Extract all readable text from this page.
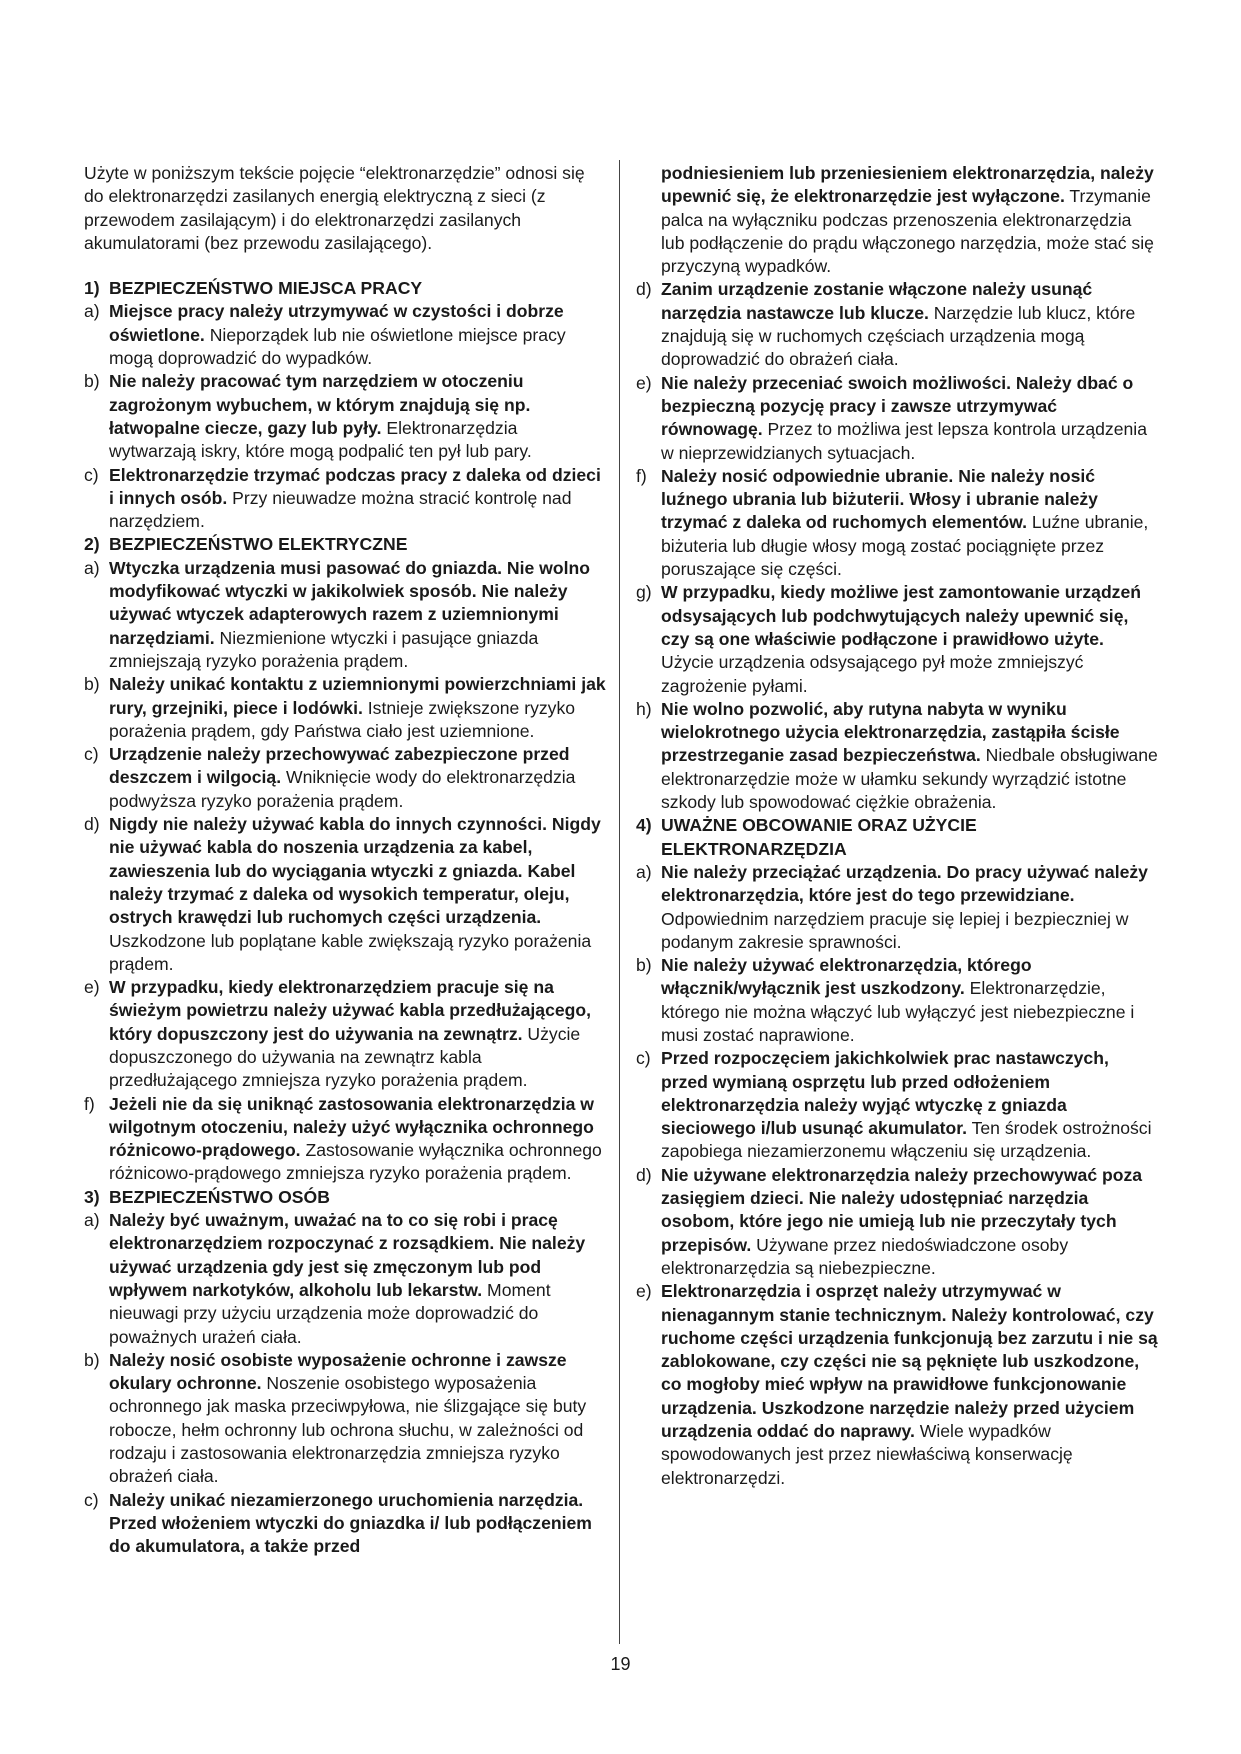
Użyte w poniższym tekście pojęcie “elektronarzędzie” odnosi się do elektronarzędzi zasilanych energią elektryczną z sieci (z przewodem zasilającym) i do elektronarzędzi zasilanych akumulatorami (bez przewodu zasilającego).

1) BEZPIECZEŃSTWO MIEJSCA PRACY
a) Miejsce pracy należy utrzymywać w czystości i dobrze oświetlone. Nieporządek lub nie oświetlone miejsce pracy mogą doprowadzić do wypadków.
b) Nie należy pracować tym narzędziem w otoczeniu zagrożonym wybuchem, w którym znajdują się np. łatwopalne ciecze, gazy lub pyły. Elektronarzędzia wytwarzają iskry, które mogą podpalić ten pył lub pary.
c) Elektronarzędzie trzymać podczas pracy z daleka od dzieci i innych osób. Przy nieuwadze można stracić kontrolę nad narzędziem.
2) BEZPIECZEŃSTWO ELEKTRYCZNE
a) Wtyczka urządzenia musi pasować do gniazda. Nie wolno modyfikować wtyczki w jakikolwiek sposób. Nie należy używać wtyczek adapterowych razem z uziemnionymi narzędziami. Niezmienione wtyczki i pasujące gniazda zmniejszają ryzyko porażenia prądem.
b) Należy unikać kontaktu z uziemnionymi powierzchniami jak rury, grzejniki, piece i lodówki. Istnieje zwiększone ryzyko porażenia prądem, gdy Państwa ciało jest uziemnione.
c) Urządzenie należy przechowywać zabezpieczone przed deszczem i wilgocią. Wniknięcie wody do elektronarzędzia podwyższa ryzyko porażenia prądem.
d) Nigdy nie należy używać kabla do innych czynności. Nigdy nie używać kabla do noszenia urządzenia za kabel, zawieszenia lub do wyciągania wtyczki z gniazda. Kabel należy trzymać z daleka od wysokich temperatur, oleju, ostrych krawędzi lub ruchomych części urządzenia. Uszkodzone lub poplątane kable zwiększają ryzyko porażenia prądem.
e) W przypadku, kiedy elektronarzędziem pracuje się na świeżym powietrzu należy używać kabla przedłużającego, który dopuszczony jest do używania na zewnątrz. Użycie dopuszczonego do używania na zewnątrz kabla przedłużającego zmniejsza ryzyko porażenia prądem.
f) Jeżeli nie da się uniknąć zastosowania elektronarzędzia w wilgotnym otoczeniu, należy użyć wyłącznika ochronnego różnicowo-prądowego. Zastosowanie wyłącznika ochronnego różnicowo-prądowego zmniejsza ryzyko porażenia prądem.
3) BEZPIECZEŃSTWO OSÓB
a) Należy być uważnym, uważać na to co się robi i pracę elektronarzędziem rozpoczynać z rozsądkiem. Nie należy używać urządzenia gdy jest się zmęczonym lub pod wpływem narkotyków, alkoholu lub lekarstw. Moment nieuwagi przy użyciu urządzenia może doprowadzić do poważnych urażeń ciała.
b) Należy nosić osobiste wyposażenie ochronne i zawsze okulary ochronne. Noszenie osobistego wyposażenia ochronnego jak maska przeciwpyłowa, nie ślizgające się buty robocze, hełm ochronny lub ochrona słuchu, w zależności od rodzaju i zastosowania elektronarzędzia zmniejsza ryzyko obrażeń ciała.
c) Należy unikać niezamierzonego uruchomienia narzędzia. Przed włożeniem wtyczki do gniazdka i/ lub podłączeniem do akumulatora, a także przed
podniesieniem lub przeniesieniem elektronarzędzia, należy upewnić się, że elektronarzędzie jest wyłączone. Trzymanie palca na wyłączniku podczas przenoszenia elektronarzędzia lub podłączenie do prądu włączonego narzędzia, może stać się przyczyną wypadków.
d) Zanim urządzenie zostanie włączone należy usunąć narzędzia nastawcze lub klucze. Narzędzie lub klucz, które znajdują się w ruchomych częściach urządzenia mogą doprowadzić do obrażeń ciała.
e) Nie należy przeceniać swoich możliwości. Należy dbać o bezpieczną pozycję pracy i zawsze utrzymywać równowagę. Przez to możliwa jest lepsza kontrola urządzenia w nieprzewidzianych sytuacjach.
f) Należy nosić odpowiednie ubranie. Nie należy nosić luźnego ubrania lub biżuterii. Włosy i ubranie należy trzymać z daleka od ruchomych elementów. Luźne ubranie, biżuteria lub długie włosy mogą zostać pociągnięte przez poruszające się części.
g) W przypadku, kiedy możliwe jest zamontowanie urządzeń odsysających lub podchwytujących należy upewnić się, czy są one właściwie podłączone i prawidłowo użyte. Użycie urządzenia odsysającego pył może zmniejszyć zagrożenie pyłami.
h) Nie wolno pozwolić, aby rutyna nabyta w wyniku wielokrotnego użycia elektronarzędzia, zastąpiła ścisłe przestrzeganie zasad bezpieczeństwa. Niedbale obsługiwane elektronarzędzie może w ułamku sekundy wyrządzić istotne szkody lub spowodować ciężkie obrażenia.
4) UWAŻNE OBCOWANIE ORAZ UŻYCIE ELEKTRONARZĘDZIA
a) Nie należy przeciążać urządzenia. Do pracy używać należy elektronarzędzia, które jest do tego przewidziane. Odpowiednim narzędziem pracuje się lepiej i bezpieczniej w podanym zakresie sprawności.
b) Nie należy używać elektronarzędzia, którego włącznik/wyłącznik jest uszkodzony. Elektronarzędzie, którego nie można włączyć lub wyłączyć jest niebezpieczne i musi zostać naprawione.
c) Przed rozpoczęciem jakichkolwiek prac nastawczych, przed wymianą osprzętu lub przed odłożeniem elektronarzędzia należy wyjąć wtyczkę z gniazda sieciowego i/lub usunąć akumulator. Ten środek ostrożności zapobiega niezamierzonemu włączeniu się urządzenia.
d) Nie używane elektronarzędzia należy przechowywać poza zasięgiem dzieci. Nie należy udostępniać narzędzia osobom, które jego nie umieją lub nie przeczytały tych przepisów. Używane przez niedoświadczone osoby elektronarzędzia są niebezpieczne.
e) Elektronarzędzia i osprzęt należy utrzymywać w nienagannym stanie technicznym. Należy kontrolować, czy ruchome części urządzenia funkcjonują bez zarzutu i nie są zablokowane, czy części nie są pęknięte lub uszkodzone, co mogłoby mieć wpływ na prawidłowe funkcjonowanie urządzenia. Uszkodzone narzędzie należy przed użyciem urządzenia oddać do naprawy. Wiele wypadków spowodowanych jest przez niewłaściwą konserwację elektronarzędzi.
19
